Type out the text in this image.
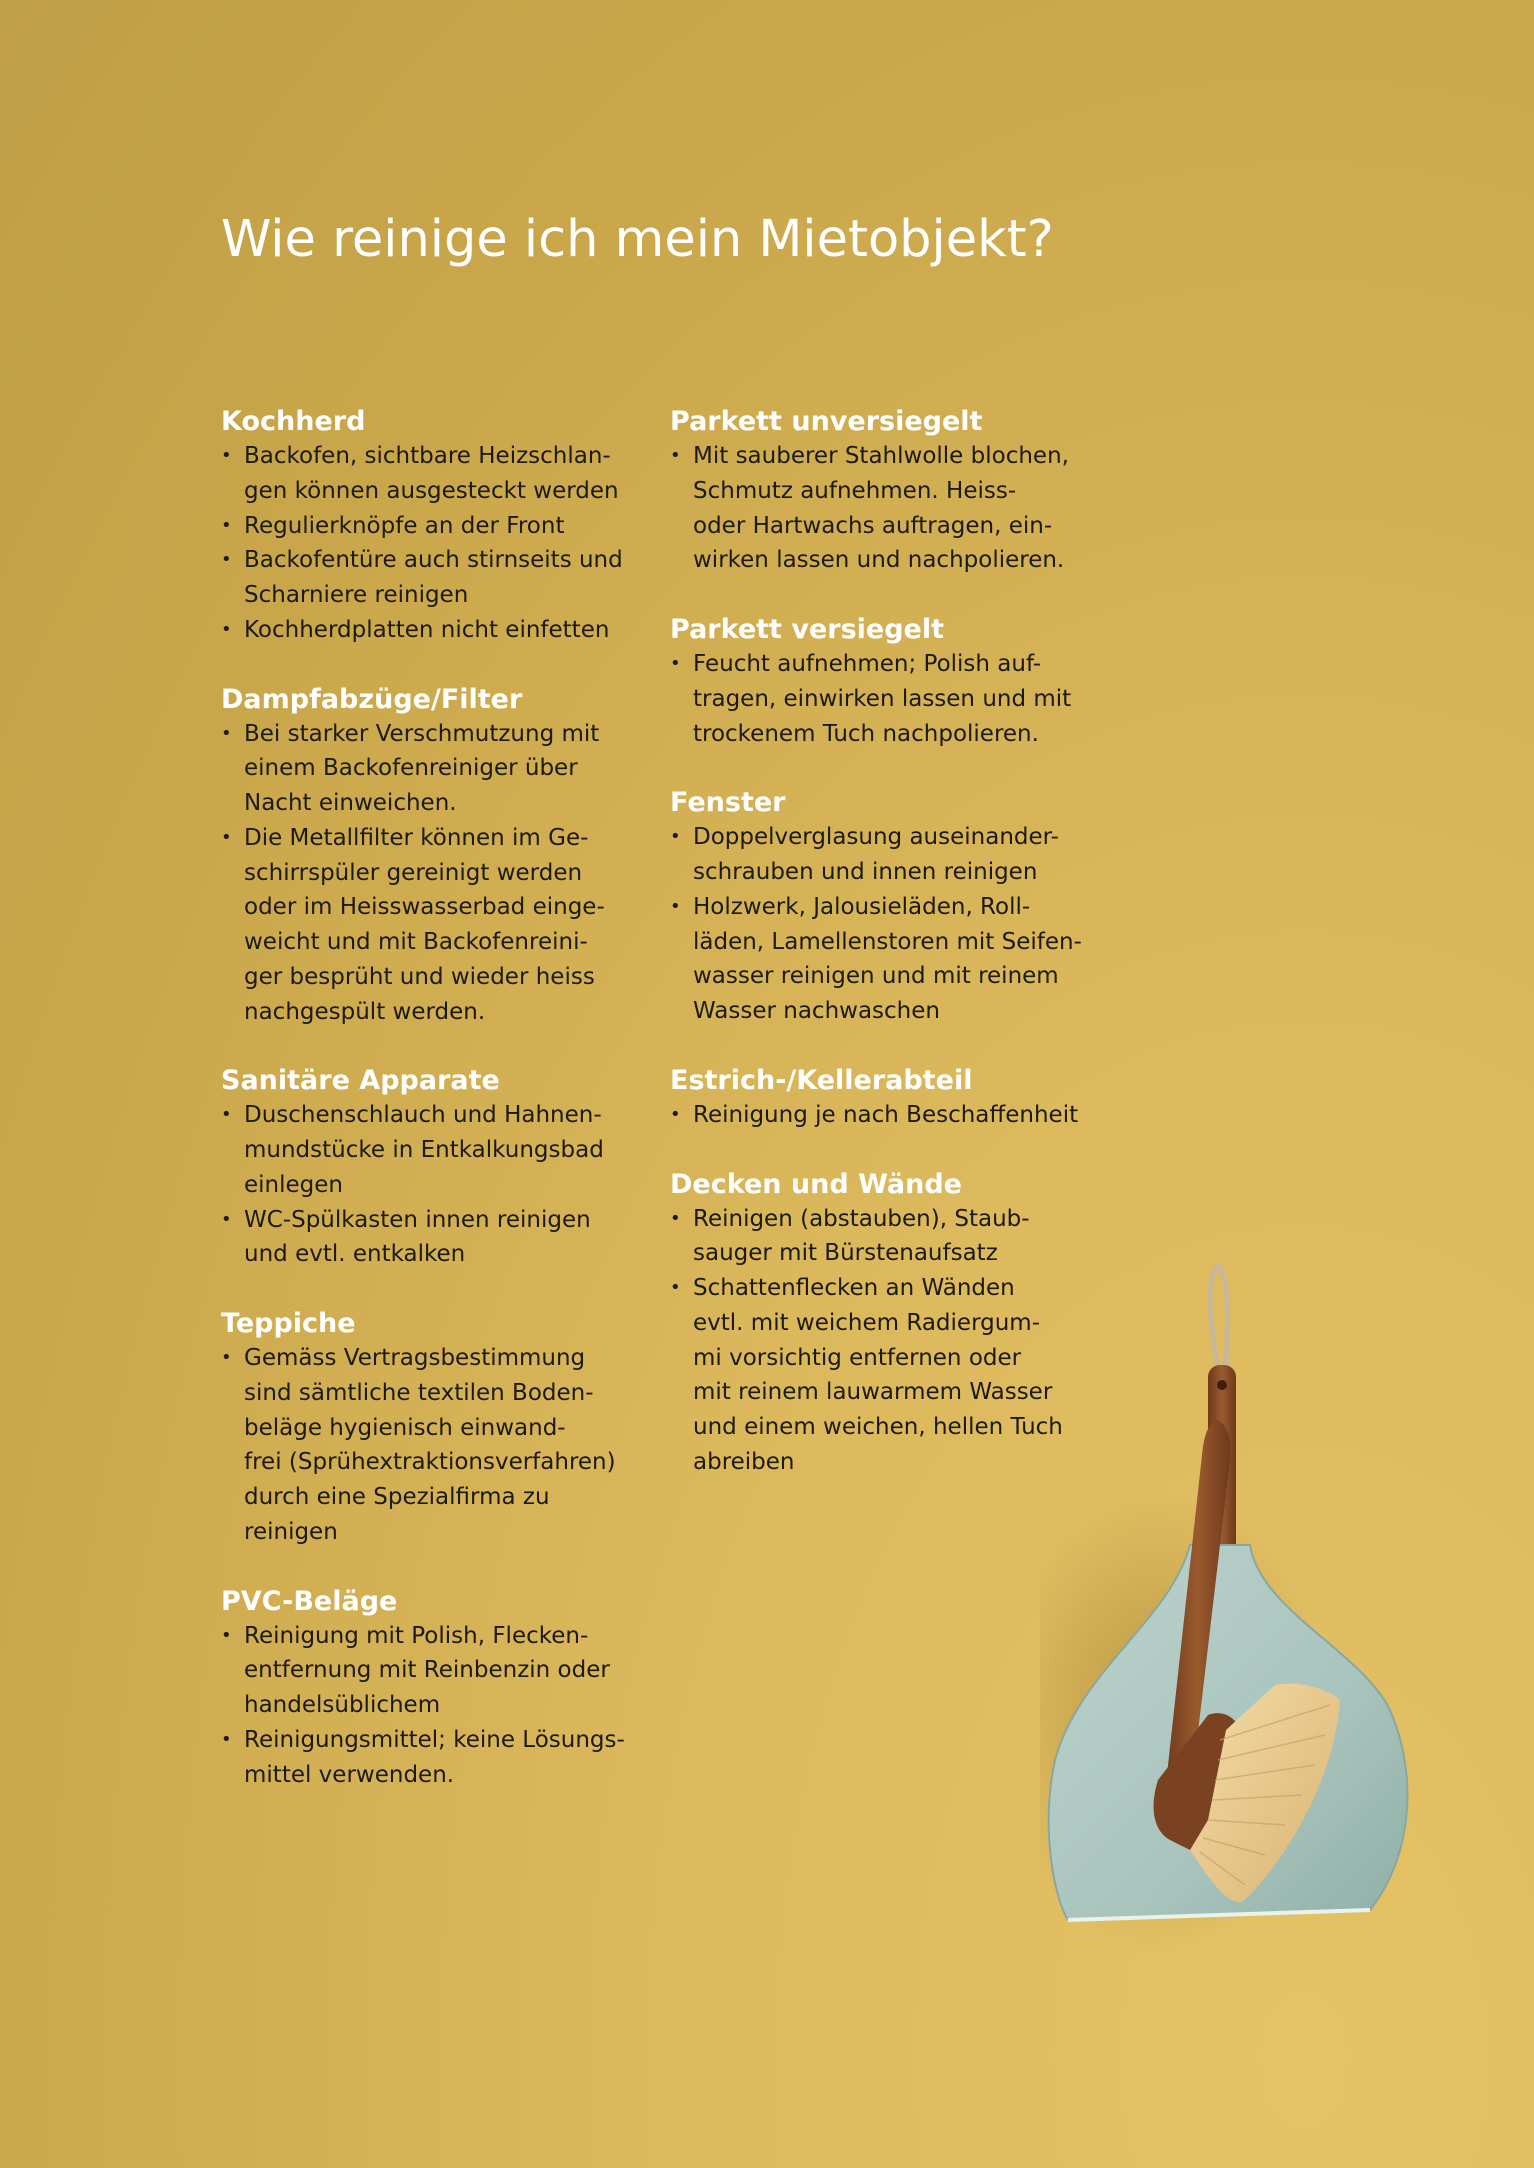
Wie reinige ich mein Mietobjekt?
Kochherd
• Backofen, sichtbare Heizschlan-
gen können ausgesteckt werden
• Regulierknöpfe an der Front
• Backofentüre auch stirnseits und
Scharniere reinigen
• Kochherdplatten nicht einfetten
Dampfabzüge/Filter
• Bei starker Verschmutzung mit
einem Backofenreiniger über
Nacht einweichen.
• Die Metallfilter können im Ge-
schirrspüler gereinigt werden
oder im Heisswasserbad einge-
weicht und mit Backofenreini-
ger besprüht und wieder heiss
nachgespült werden.
Sanitäre Apparate
• Duschenschlauch und Hahnen-
mundstücke in Entkalkungsbad
einlegen
• WC-Spülkasten innen reinigen
und evtl. entkalken
Teppiche
• Gemäss Vertragsbestimmung
sind sämtliche textilen Boden-
beläge hygienisch einwand-
frei (Sprühextraktionsverfahren)
durch eine Spezialfirma zu
reinigen
PVC-Beläge
• Reinigung mit Polish, Flecken-
entfernung mit Reinbenzin oder
handelsüblichem
• Reinigungsmittel; keine Lösungs-
mittel verwenden.
Parkett unversiegelt
• Mit sauberer Stahlwolle blochen,
Schmutz aufnehmen. Heiss-
oder Hartwachs auftragen, ein-
wirken lassen und nachpolieren.
Parkett versiegelt
• Feucht aufnehmen; Polish auf-
tragen, einwirken lassen und mit
trockenem Tuch nachpolieren.
Fenster
• Doppelverglasung auseinander-
schrauben und innen reinigen
• Holzwerk, Jalousieläden, Roll-
läden, Lamellenstoren mit Seifen-
wasser reinigen und mit reinem
Wasser nachwaschen
Estrich-/Kellerabteil
• Reinigung je nach Beschaffenheit
Decken und Wände
• Reinigen (abstauben), Staub-
sauger mit Bürstenaufsatz
• Schattenflecken an Wänden
evtl. mit weichem Radiergum-
mi vorsichtig entfernen oder
mit reinem lauwarmem Wasser
und einem weichen, hellen Tuch
abreiben
